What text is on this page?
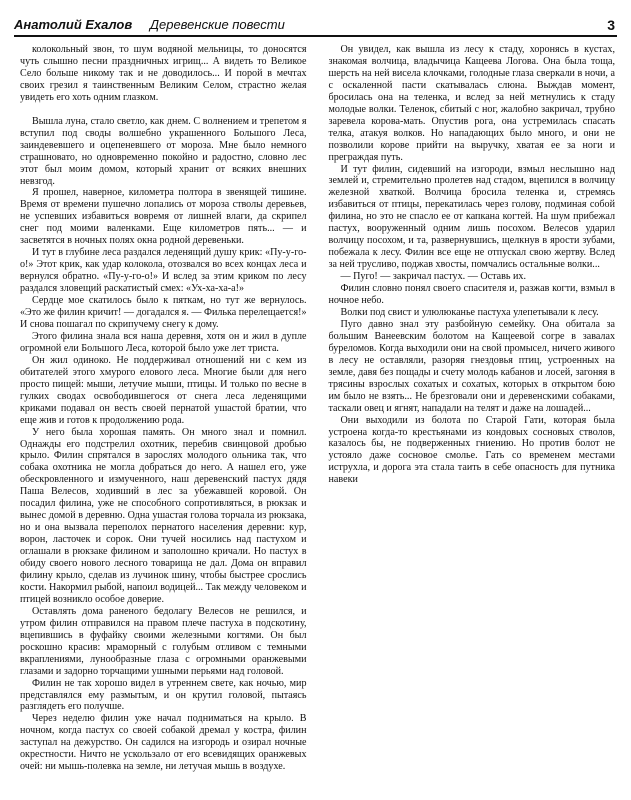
Анатолий Ехалов Деревенские повести	3

колокольный звон, то шум водяной мельницы, то доносятся чуть слышно песни праздничных игрищ... А видеть то Великое Село больше никому так и не доводилось... И порой в мечтах своих грезил я таинственным Великим Селом, страстно желая увидеть его хоть одним глазком.

Вышла луна, стало светло, как днем. С волнением и трепетом я вступил под своды волшебно украшенного Большого Леса, заиндевевшего и оцепеневшего от мороза. Мне было немного страшновато, но одновременно покойно и радостно, словно лес этот был моим домом, который хранит от всяких внешних невзгод.

Я прошел, наверное, километра полтора в звенящей тишине. Время от времени пушечно лопались от мороза стволы деревьев, не успевших избавиться вовремя от лишней влаги, да скрипел снег под моими валенками. Еще километров пять... — и засветятся в ночных полях окна родной деревеньки.

И тут в глубине леса раздался леденящий душу крик: «Пу-у-го-о!» Этот крик, как удар колокола, отозвался во всех концах леса и вернулся обратно. «Пу-у-го-о!» И вслед за этим криком по лесу раздался зловещий раскатистый смех: «Ух-ха-ха-а!»

Сердце мое скатилось было к пяткам, но тут же вернулось. «Это же филин кричит! — догадался я. — Филька перелещается!» И снова пошагал по скрипучему снегу к дому.

Этого филина знала вся наша деревня, хотя он и жил в дупле огромной ели Большого Леса, которой было уже лет триста.

Он жил одиноко. Не поддерживал отношений ни с кем из обитателей этого хмурого елового леса. Многие были для него просто пищей: мыши, летучие мыши, птицы. И только по весне в гулких сводах освободившегося от снега леса леденящими криками подавал он весть своей пернатой ушастой братии, что еще жив и готов к продолжению рода.

У него была хорошая память. Он много знал и помнил. Однажды его подстрелил охотник, перебив свинцовой дробью крыло. Филин спрятался в зарослях молодого ольника так, что собака охотника не могла добраться до него. А нашел его, уже обескровленного и измученного, наш деревенский пастух дядя Паша Велесов, ходивший в лес за убежавшей коровой. Он посадил филина, уже не способного сопротивляться, в рюкзак и вынес домой в деревню. Одна ушастая голова торчала из рюкзака, но и она вызвала переполох пернатого населения деревни: кур, ворон, ласточек и сорок. Они тучей носились над пастухом и оглашали в рюкзаке филином и заполошно кричали. Но пастух в обиду своего нового лесного товарища не дал. Дома он вправил филину крыло, сделав из лучинок шину, чтобы быстрее срослись кости. Накормил рыбой, напоил водицей... Так между человеком и птицей возникло особое доверие.

Оставлять дома раненого бедолагу Велесов не решился, и утром филин отправился на правом плече пастуха в подскотину, вцепившись в фуфайку своими железными когтями. Он был роскошно красив: мраморный с голубым отливом с темными вкраплениями, лунообразные глаза с огромными оранжевыми глазами и задорно торчащими ушными перьями над головой.

Филин не так хорошо видел в утреннем свете, как ночью, мир представлялся ему размытым, и он крутил головой, пытаясь разглядеть его получше.

Через неделю филин уже начал подниматься на крыло. В ночном, когда пастух со своей собакой дремал у костра, филин заступал на дежурство. Он садился на изгородь и озирал ночные окрестности. Ничто не ускользало от его всевидящих оранжевых очей: ни мышь-полевка на земле, ни летучая мышь в воздухе.

Он увидел, как вышла из лесу к стаду, хоронясь в кустах, знакомая волчица, владычица Кащеева Логова. Она была тоща, шерсть на ней висела клочками, голодные глаза сверкали в ночи, а с оскаленной пасти скатывалась слюна. Выждав момент, бросилась она на теленка, и вслед за ней метнулись к стаду молодые волки. Теленок, сбитый с ног, жалобно закричал, трубно заревела корова-мать. Опустив рога, она устремилась спасать телка, атакуя волков. Но нападающих было много, и они не позволили корове прийти на выручку, хватая ее за ноги и преграждая путь.

И тут филин, сидевший на изгороди, взмыл неслышно над землей и, стремительно пролетев над стадом, вцепился в волчицу железной хваткой. Волчица бросила теленка и, стремясь избавиться от птицы, перекатилась через голову, подминая собой филина, но это не спасло ее от капкана когтей. На шум прибежал пастух, вооруженный одним лишь посохом. Велесов ударил волчицу посохом, и та, развернувшись, щелкнув в ярости зубами, побежала к лесу. Филин все еще не отпускал свою жертву. Вслед за ней трусливо, поджав хвосты, помчались остальные волки...

— Пуго! — закричал пастух. — Оставь их.

Филин словно понял своего спасителя и, разжав когти, взмыл в ночное небо.

Волки под свист и улюлюканье пастуха улепетывали к лесу.

Пуго давно знал эту разбойную семейку. Она обитала за большим Ванеевским болотом на Кащеевой согре в завалах буреломов. Когда выходили они на свой промысел, ничего живого в лесу не оставляли, разоряя гнездовья птиц, устроенных на земле, давя без пощады и счету молодь кабанов и лосей, загоняя в трясины взрослых сохатых и сохатых, которых в открытом бою им было не взять... Не брезговали они и деревенскими собаками, таскали овец и ягнят, нападали на телят и даже на лошадей...

Они выходили из болота по Старой Гати, которая была устроена когда-то крестьянами из кондовых сосновых стволов, казалось бы, не подверженных гниению. Но против болот не устояло даже сосновое смолье. Гать со временем местами иструхла, и дорога эта стала таить в себе опасность для путника навеки
